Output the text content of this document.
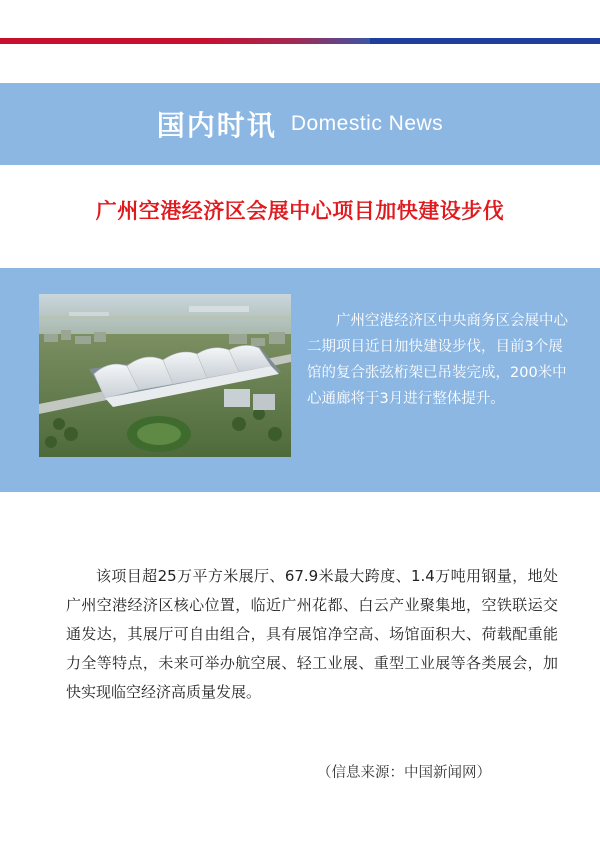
国内时讯 Domestic News
广州空港经济区会展中心项目加快建设步伐

广州空港经济区中央商务区会展中心二期项目近日加快建设步伐，目前3个展馆的复合张弦桁架已吊装完成，200米中心通廊将于3月进行整体提升。

该项目超25万平方米展厅、67.9米最大跨度、1.4万吨用钢量，地处广州空港经济区核心位置，临近广州花都、白云产业聚集地，空铁联运交通发达，其展厅可自由组合，具有展馆净空高、场馆面积大、荷载配重能力全等特点，未来可举办航空展、轻工业展、重型工业展等各类展会，加快实现临空经济高质量发展。

（信息来源：中国新闻网）
